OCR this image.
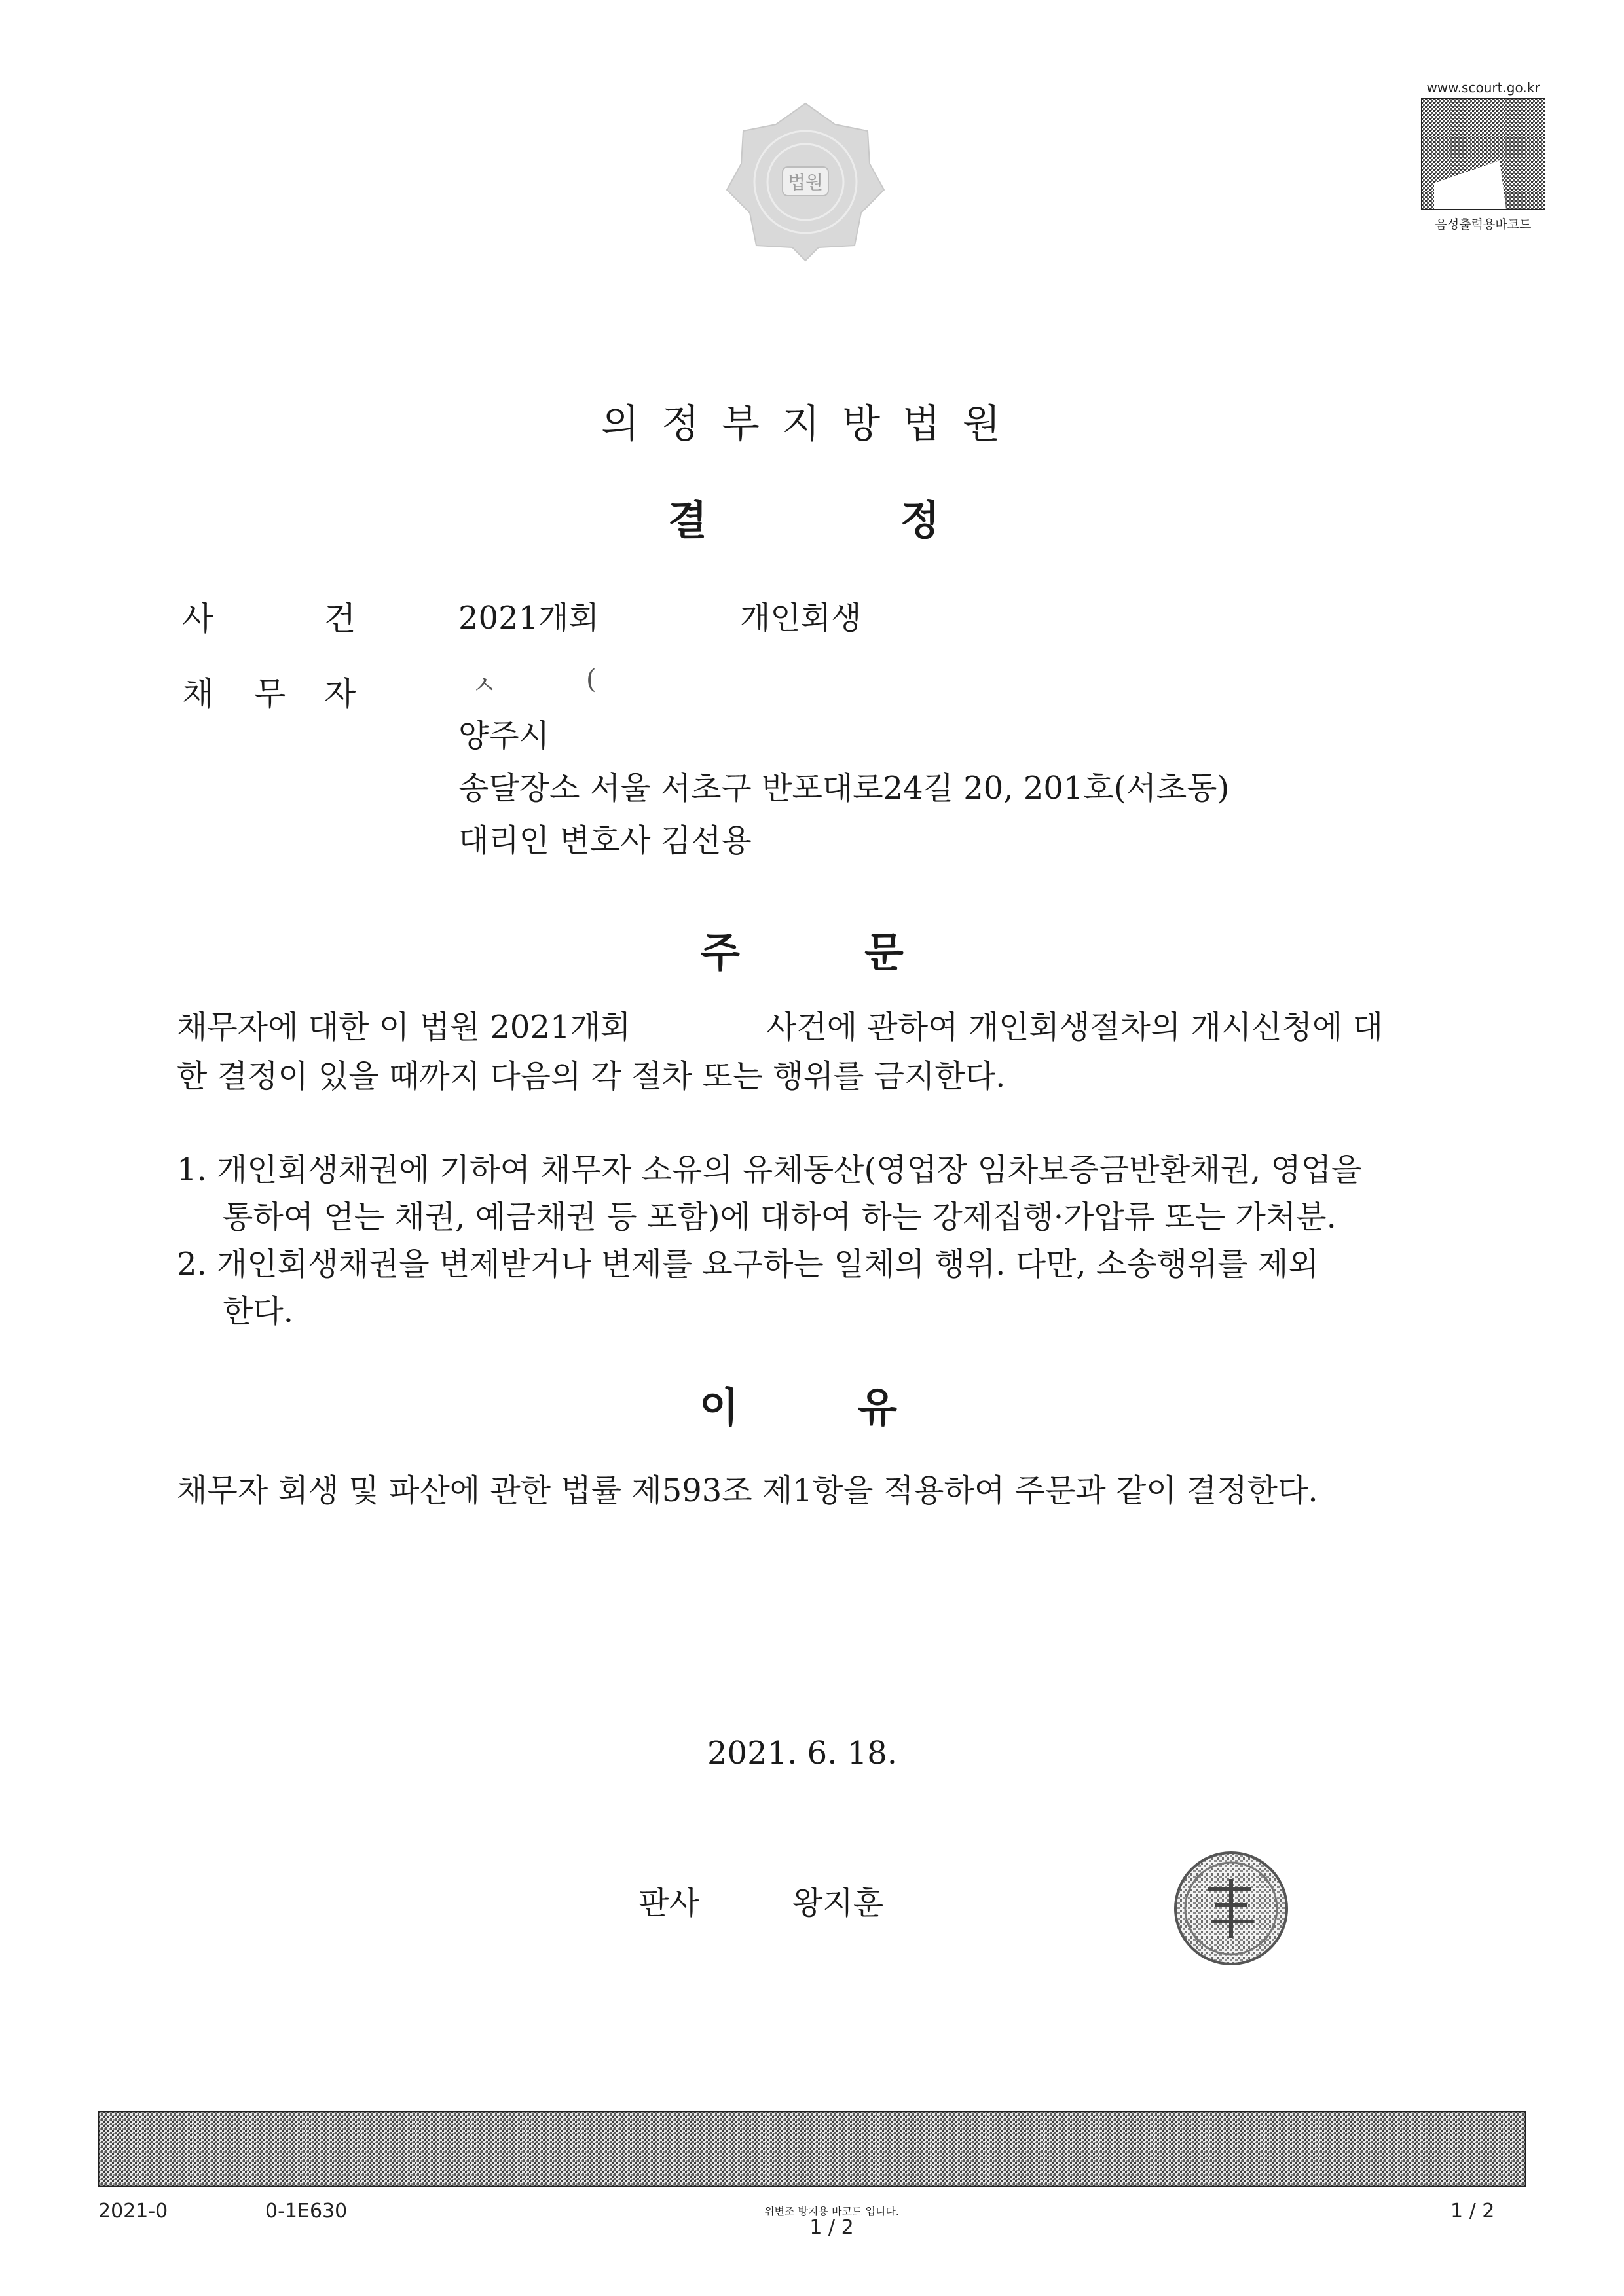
법원
www.scourt.go.kr
음성출력용바코드
의정부지방법원
결	정
사	건	2021개회	개인회생
채 무 자	ㅅ	(
양주시
송달장소 서울 서초구 반포대로24길 20, 201호(서초동)
대리인 변호사 김선용
주	문
채무자에 대한 이 법원 2021개회	사건에 관하여 개인회생절차의 개시신청에 대
한 결정이 있을 때까지 다음의 각 절차 또는 행위를 금지한다.
1. 개인회생채권에 기하여 채무자 소유의 유체동산(영업장 임차보증금반환채권, 영업을
통하여 얻는 채권, 예금채권 등 포함)에 대하여 하는 강제집행·가압류 또는 가처분.
2. 개인회생채권을 변제받거나 변제를 요구하는 일체의 행위. 다만, 소송행위를 제외
한다.
이	유
채무자 회생 및 파산에 관한 법률 제593조 제1항을 적용하여 주문과 같이 결정한다.
2021. 6. 18.
판사	왕지훈
2021-0	0-1E630	위변조 방지용 바코드 입니다.
1 / 2
1 / 2
